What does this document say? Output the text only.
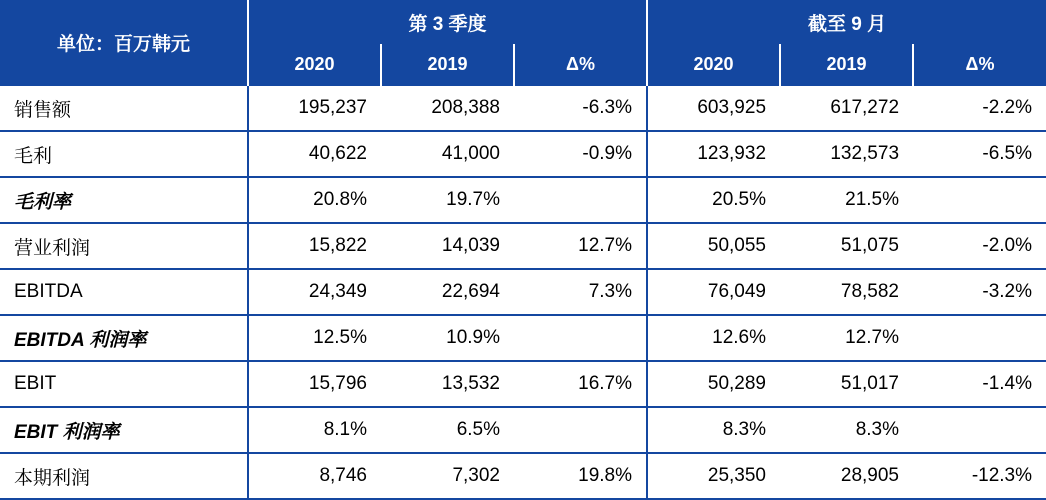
单位：百万韩元	第 3 季度			截至 9 月		
	2020	2019	Δ%	2020	2019	Δ%
销售额	195,237	208,388	-6.3%	603,925	617,272	-2.2%
毛利	40,622	41,000	-0.9%	123,932	132,573	-6.5%
毛利率	20.8%	19.7%		20.5%	21.5%	
营业利润	15,822	14,039	12.7%	50,055	51,075	-2.0%
EBITDA	24,349	22,694	7.3%	76,049	78,582	-3.2%
EBITDA 利润率	12.5%	10.9%		12.6%	12.7%	
EBIT	15,796	13,532	16.7%	50,289	51,017	-1.4%
EBIT 利润率	8.1%	6.5%		8.3%	8.3%	
本期利润	8,746	7,302	19.8%	25,350	28,905	-12.3%
